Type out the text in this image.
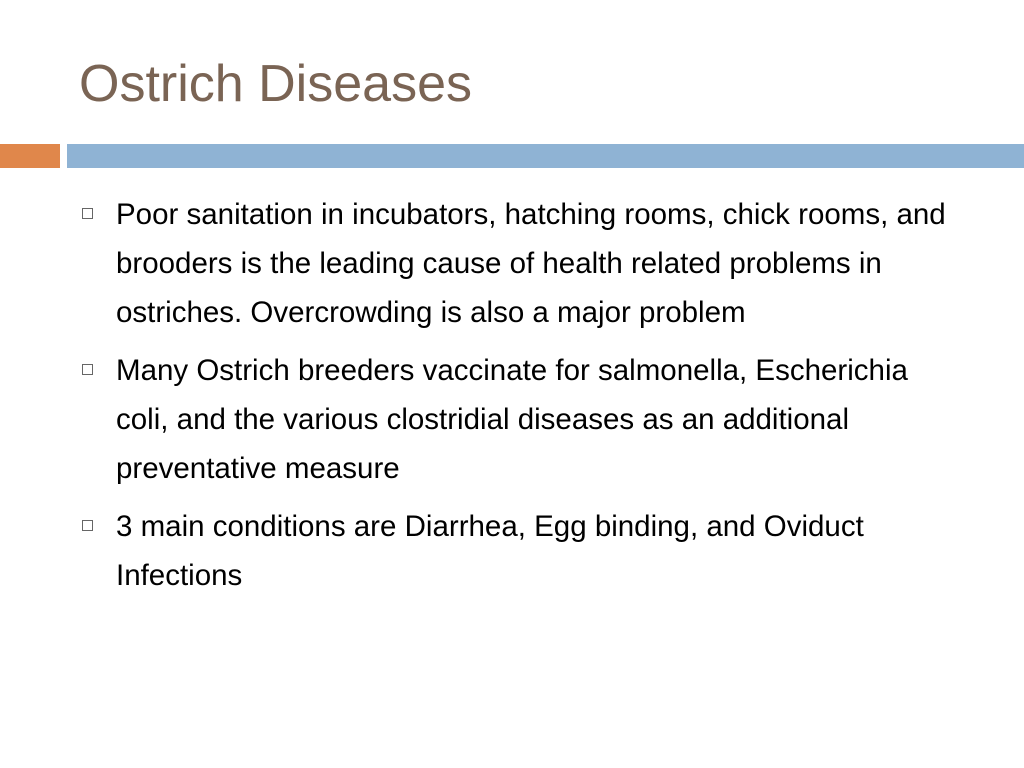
Ostrich Diseases
Poor sanitation in incubators, hatching rooms, chick rooms, and brooders is the leading cause of health related problems in ostriches. Overcrowding is also a major problem
Many Ostrich breeders vaccinate for salmonella, Escherichia coli, and the various clostridial diseases as an additional preventative measure
3 main conditions are Diarrhea, Egg binding, and Oviduct Infections
